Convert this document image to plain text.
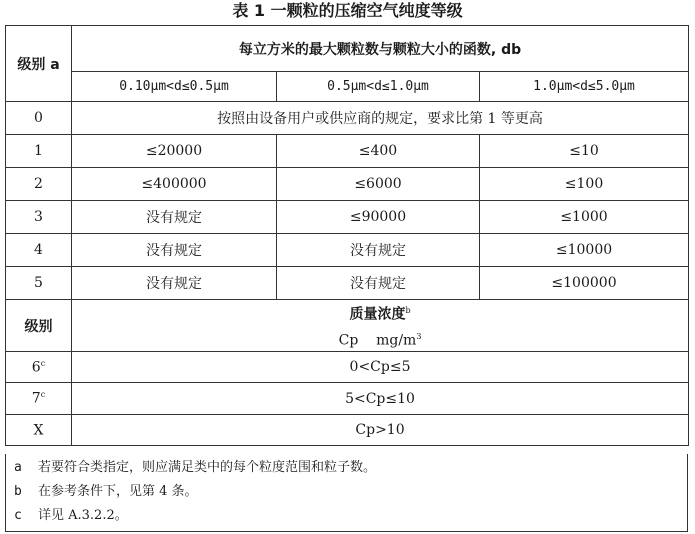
表 1 一颗粒的压缩空气纯度等级
级别 a	每立方米的最大颗粒数与颗粒大小的函数, db		
	0.10μm<d≤0.5μm	0.5μm<d≤1.0μm	1.0μm<d≤5.0μm
0	按照由设备用户或供应商的规定，要求比第 1 等更高		
1	≤20000	≤400	≤10
2	≤400000	≤6000	≤100
3	没有规定	≤90000	≤1000
4	没有规定	没有规定	≤10000
5	没有规定	没有规定	≤100000
级别	质量浓度$^b$
Cp    $mg/m^3$

6$^c$	0<Cp≤5		
7$^c$	5<Cp≤10		
X	Cp>10		
a 若要符合类指定，则应满足类中的每个粒度范围和粒子数。
b 在参考条件下，见第 4 条。
c 详见 A.3.2.2。
